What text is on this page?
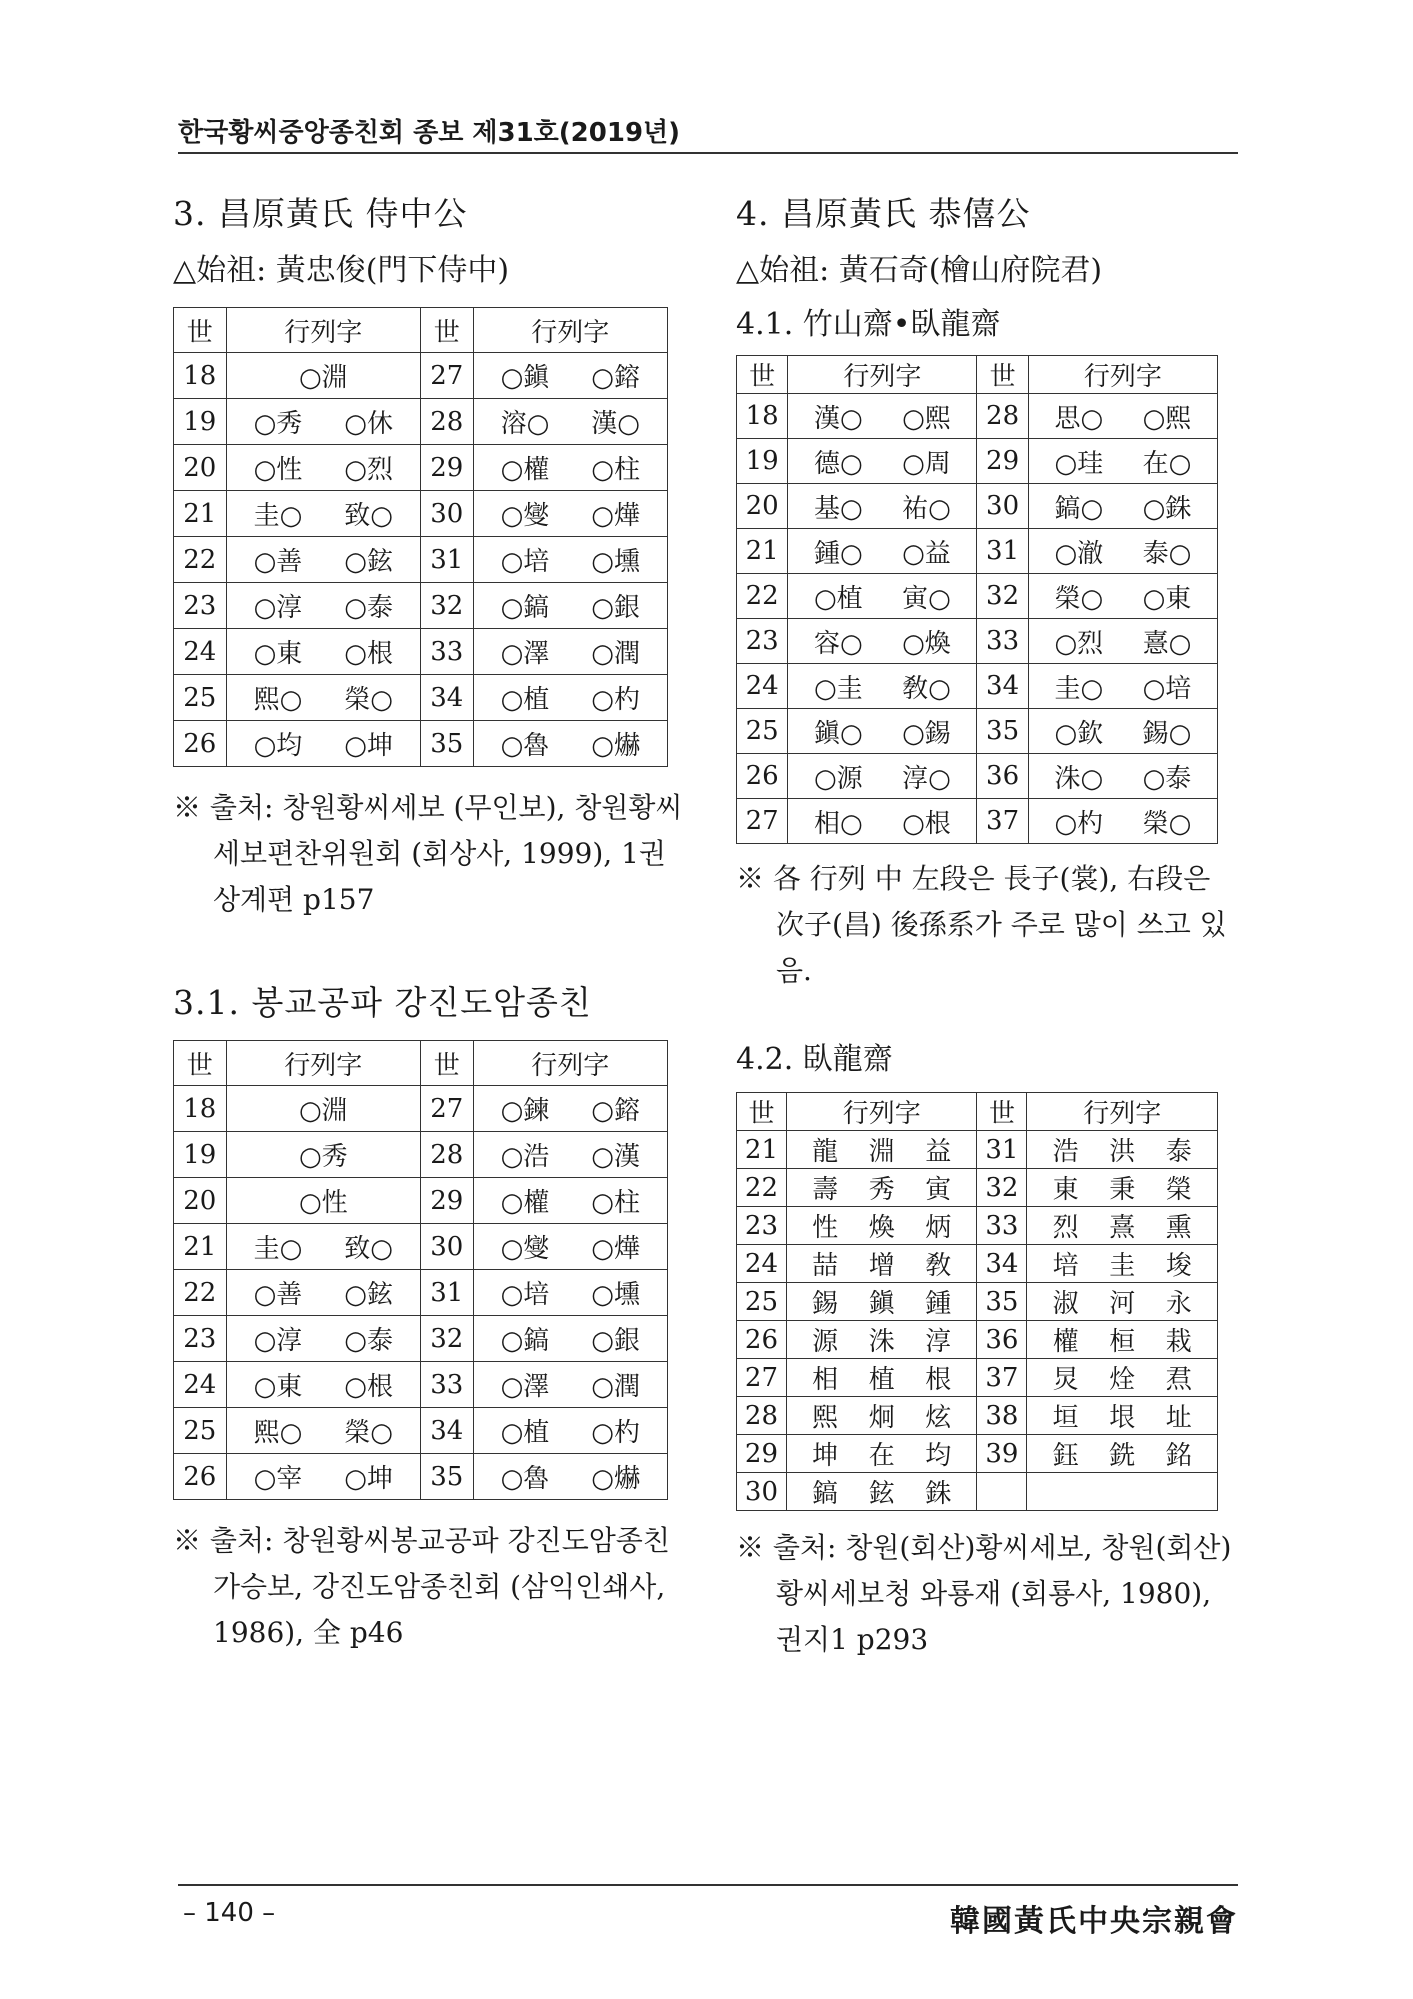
한국황씨중앙종친회 종보 제31호(2019년)
3. 昌原黃氏 侍中公
△始祖: 黃忠俊(門下侍中)
世	行列字	世	行列字
18	○淵	27	○鎭 ○鎔

19	○秀 ○休	28	溶○ 漢○

20	○性 ○烈	29	○權 ○柱

21	圭○ 致○	30	○燮 ○燁

22	○善 ○鉉	31	○培 ○壎

23	○淳 ○泰	32	○鎬 ○銀

24	○東 ○根	33	○澤 ○潤

25	熙○ 榮○	34	○植 ○杓

26	○均 ○坤	35	○魯 ○爀
※ 출처: 창원황씨세보 (무인보), 창원황씨세보편찬위원회 (회상사, 1999), 1권 상계편 p157
3.1. 봉교공파 강진도암종친
世	行列字	世	行列字
18	○淵	27	○鍊 ○鎔

19	○秀	28	○浩 ○漢

20	○性	29	○權 ○柱

21	圭○ 致○	30	○燮 ○燁

22	○善 ○鉉	31	○培 ○壎

23	○淳 ○泰	32	○鎬 ○銀

24	○東 ○根	33	○澤 ○潤

25	熙○ 榮○	34	○植 ○杓

26	○宰 ○坤	35	○魯 ○爀
※ 출처: 창원황씨봉교공파 강진도암종친 가승보, 강진도암종친회 (삼익인쇄사, 1986), 全 p46
4. 昌原黃氏 恭僖公
△始祖: 黃石奇(檜山府院君)
4.1. 竹山齋•臥龍齋
世	行列字	世	行列字
18	漢○ ○熙	28	思○ ○熙

19	德○ ○周	29	○珪 在○

20	基○ 祐○	30	鎬○ ○銖

21	鍾○ ○益	31	○澈 泰○

22	○植 寅○	32	榮○ ○東

23	容○ ○煥	33	○烈 憙○

24	○圭 敎○	34	圭○ ○培

25	鎭○ ○錫	35	○欽 錫○

26	○源 淳○	36	洙○ ○泰

27	相○ ○根	37	○杓 榮○
※ 各 行列 中 左段은 長子(裳), 右段은 次子(昌) 後孫系가 주로 많이 쓰고 있음.
4.2. 臥龍齋
世	行列字	世	行列字
21	龍 淵 益	31	浩 洪 泰

22	壽 秀 寅	32	東 秉 榮

23	性 煥 炳	33	烈 熹 熏

24	喆 增 敎	34	培 圭 埈

25	錫 鎭 鍾	35	淑 河 永

26	源 洙 淳	36	權 桓 栽

27	相 植 根	37	炅 烇 焄

28	熙 炯 炫	38	垣 垠 址

29	坤 在 均	39	鈺 銑 銘

30	鎬 鉉 銖		

※ 출처: 창원(회산)황씨세보, 창원(회산)황씨세보청 와룡재 (회룡사, 1980), 권지1 p293
– 140 –	韓國黃氏中央宗親會
